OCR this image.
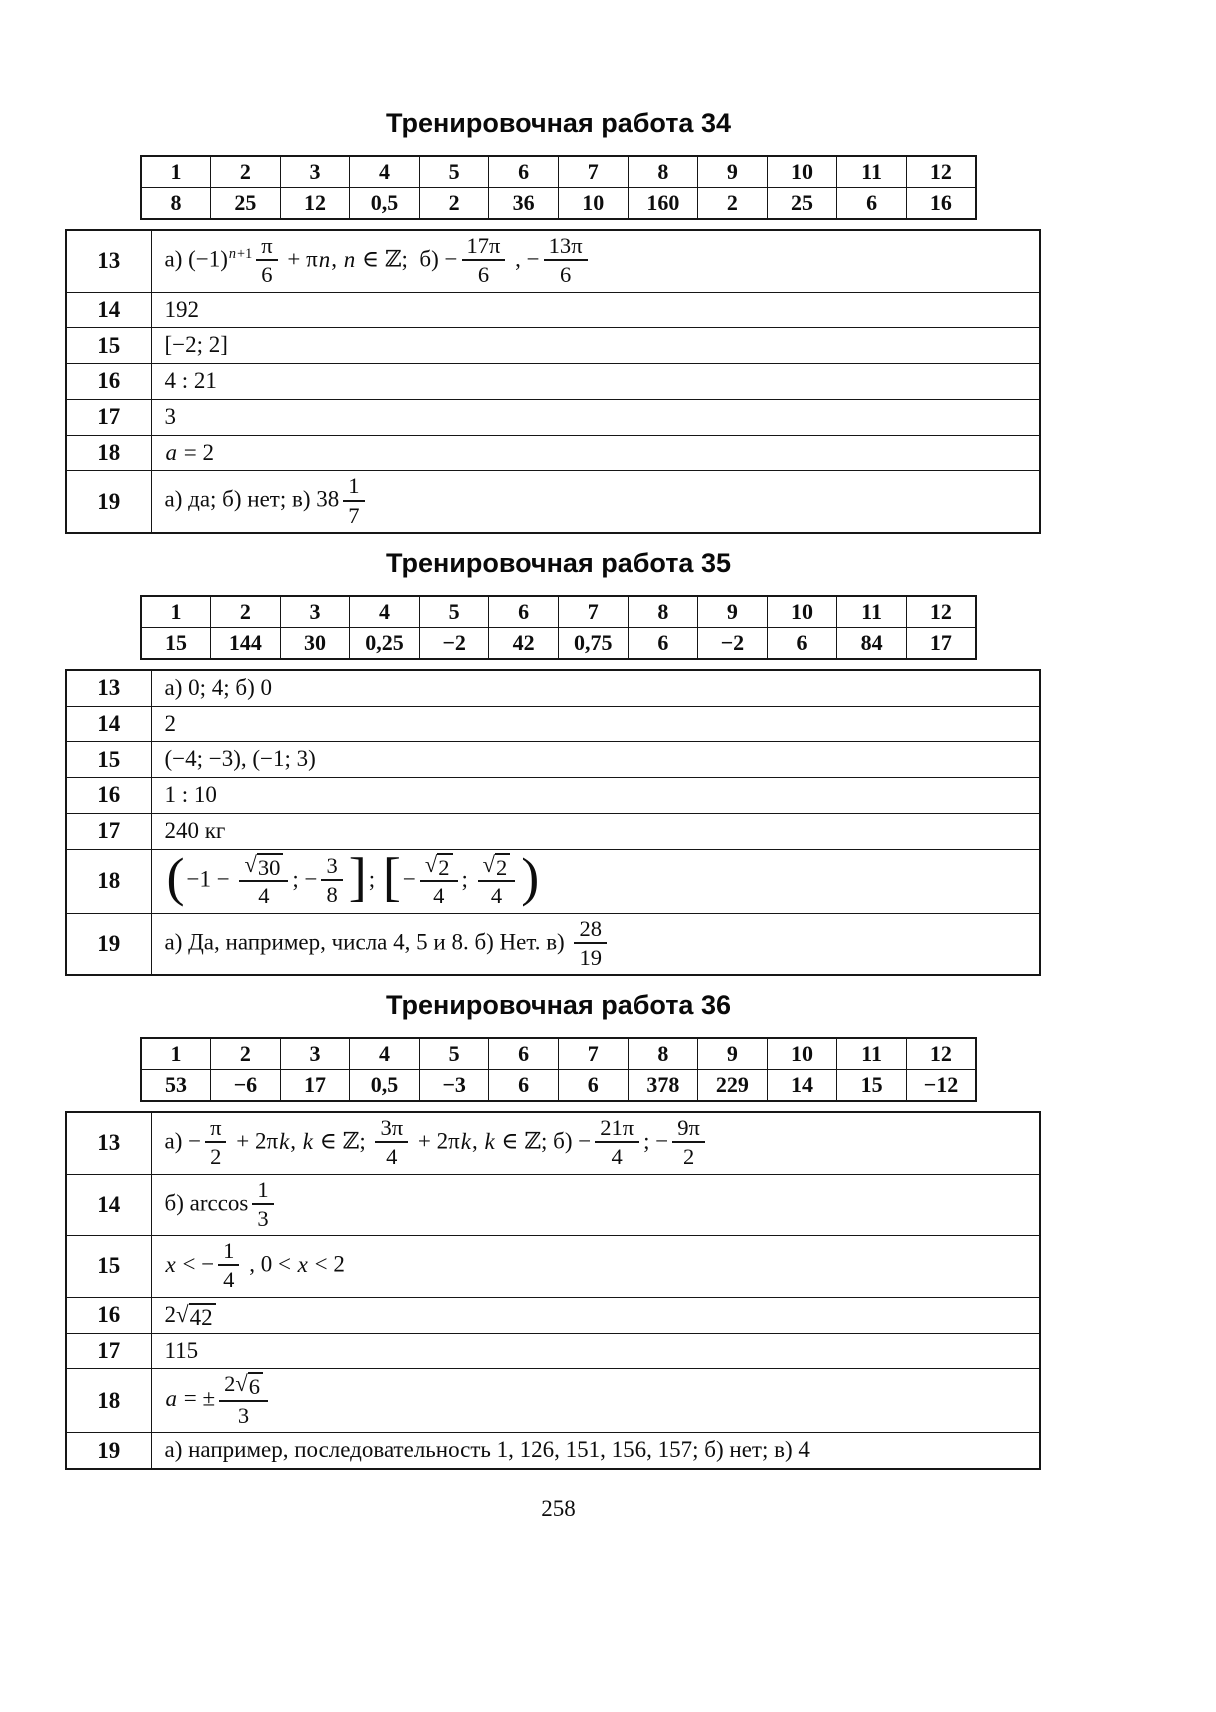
Тренировочная работа 34
1	2	3	4	5	6	7	8	9	10	11	12
8	25	12	0,5	2	36	10	160	2	25	6	16
13	а) $(-1)^{n+1} \frac{\pi}{6} + \pi n$, n ∈ ℤ;  $б) - \frac{17\pi}{6}$ , − $\frac{13\pi}{6}$

14	192
15	[−2; 2]
16	4 : 21
17	3
18	a = 2
19	а) да; б) нет; в) $38 \frac{1}{7}$
Тренировочная работа 35
1	2	3	4	5	6	7	8	9	10	11	12
15	144	30	0,25	−2	42	0,75	6	−2	6	84	17
13	а) 0; 4; б) 0
14	2
15	(−4; −3), (−1; 3)
16	1 : 10
17	240 кг
18	($-1 - \frac{√ 30}{4}$ ; − $\frac{3}{8}$ ]; [− $\frac{√ 2}{4}$ ; $\frac{√ 2}{4}$ )
19	а) Да, например, числа 4, 5 и 8. б) Нет. $в) \frac{28}{19}$
Тренировочная работа 36
1	2	3	4	5	6	7	8	9	10	11	12
53	−6	17	0,5	−3	6	6	378	229	14	15	−12
13	$а) - \frac{\pi}{2} + 2\pi k$, k ∈ ℤ; $\frac{3\pi}{4} + 2\pi k$, k ∈ ℤ; $б) - \frac{21\pi}{4}$ ; − $\frac{9\pi}{2}$

14	б) $\arccos \frac{1}{3}$

15	x < − $\frac{1}{4}$ , 0 < x < 2
16	2 √ 42

17	115
18	a = ± $\frac{2 √ 6}{3}$

19	а) например, последовательность 1, 126, 151, 156, 157; б) нет; в) 4
258
